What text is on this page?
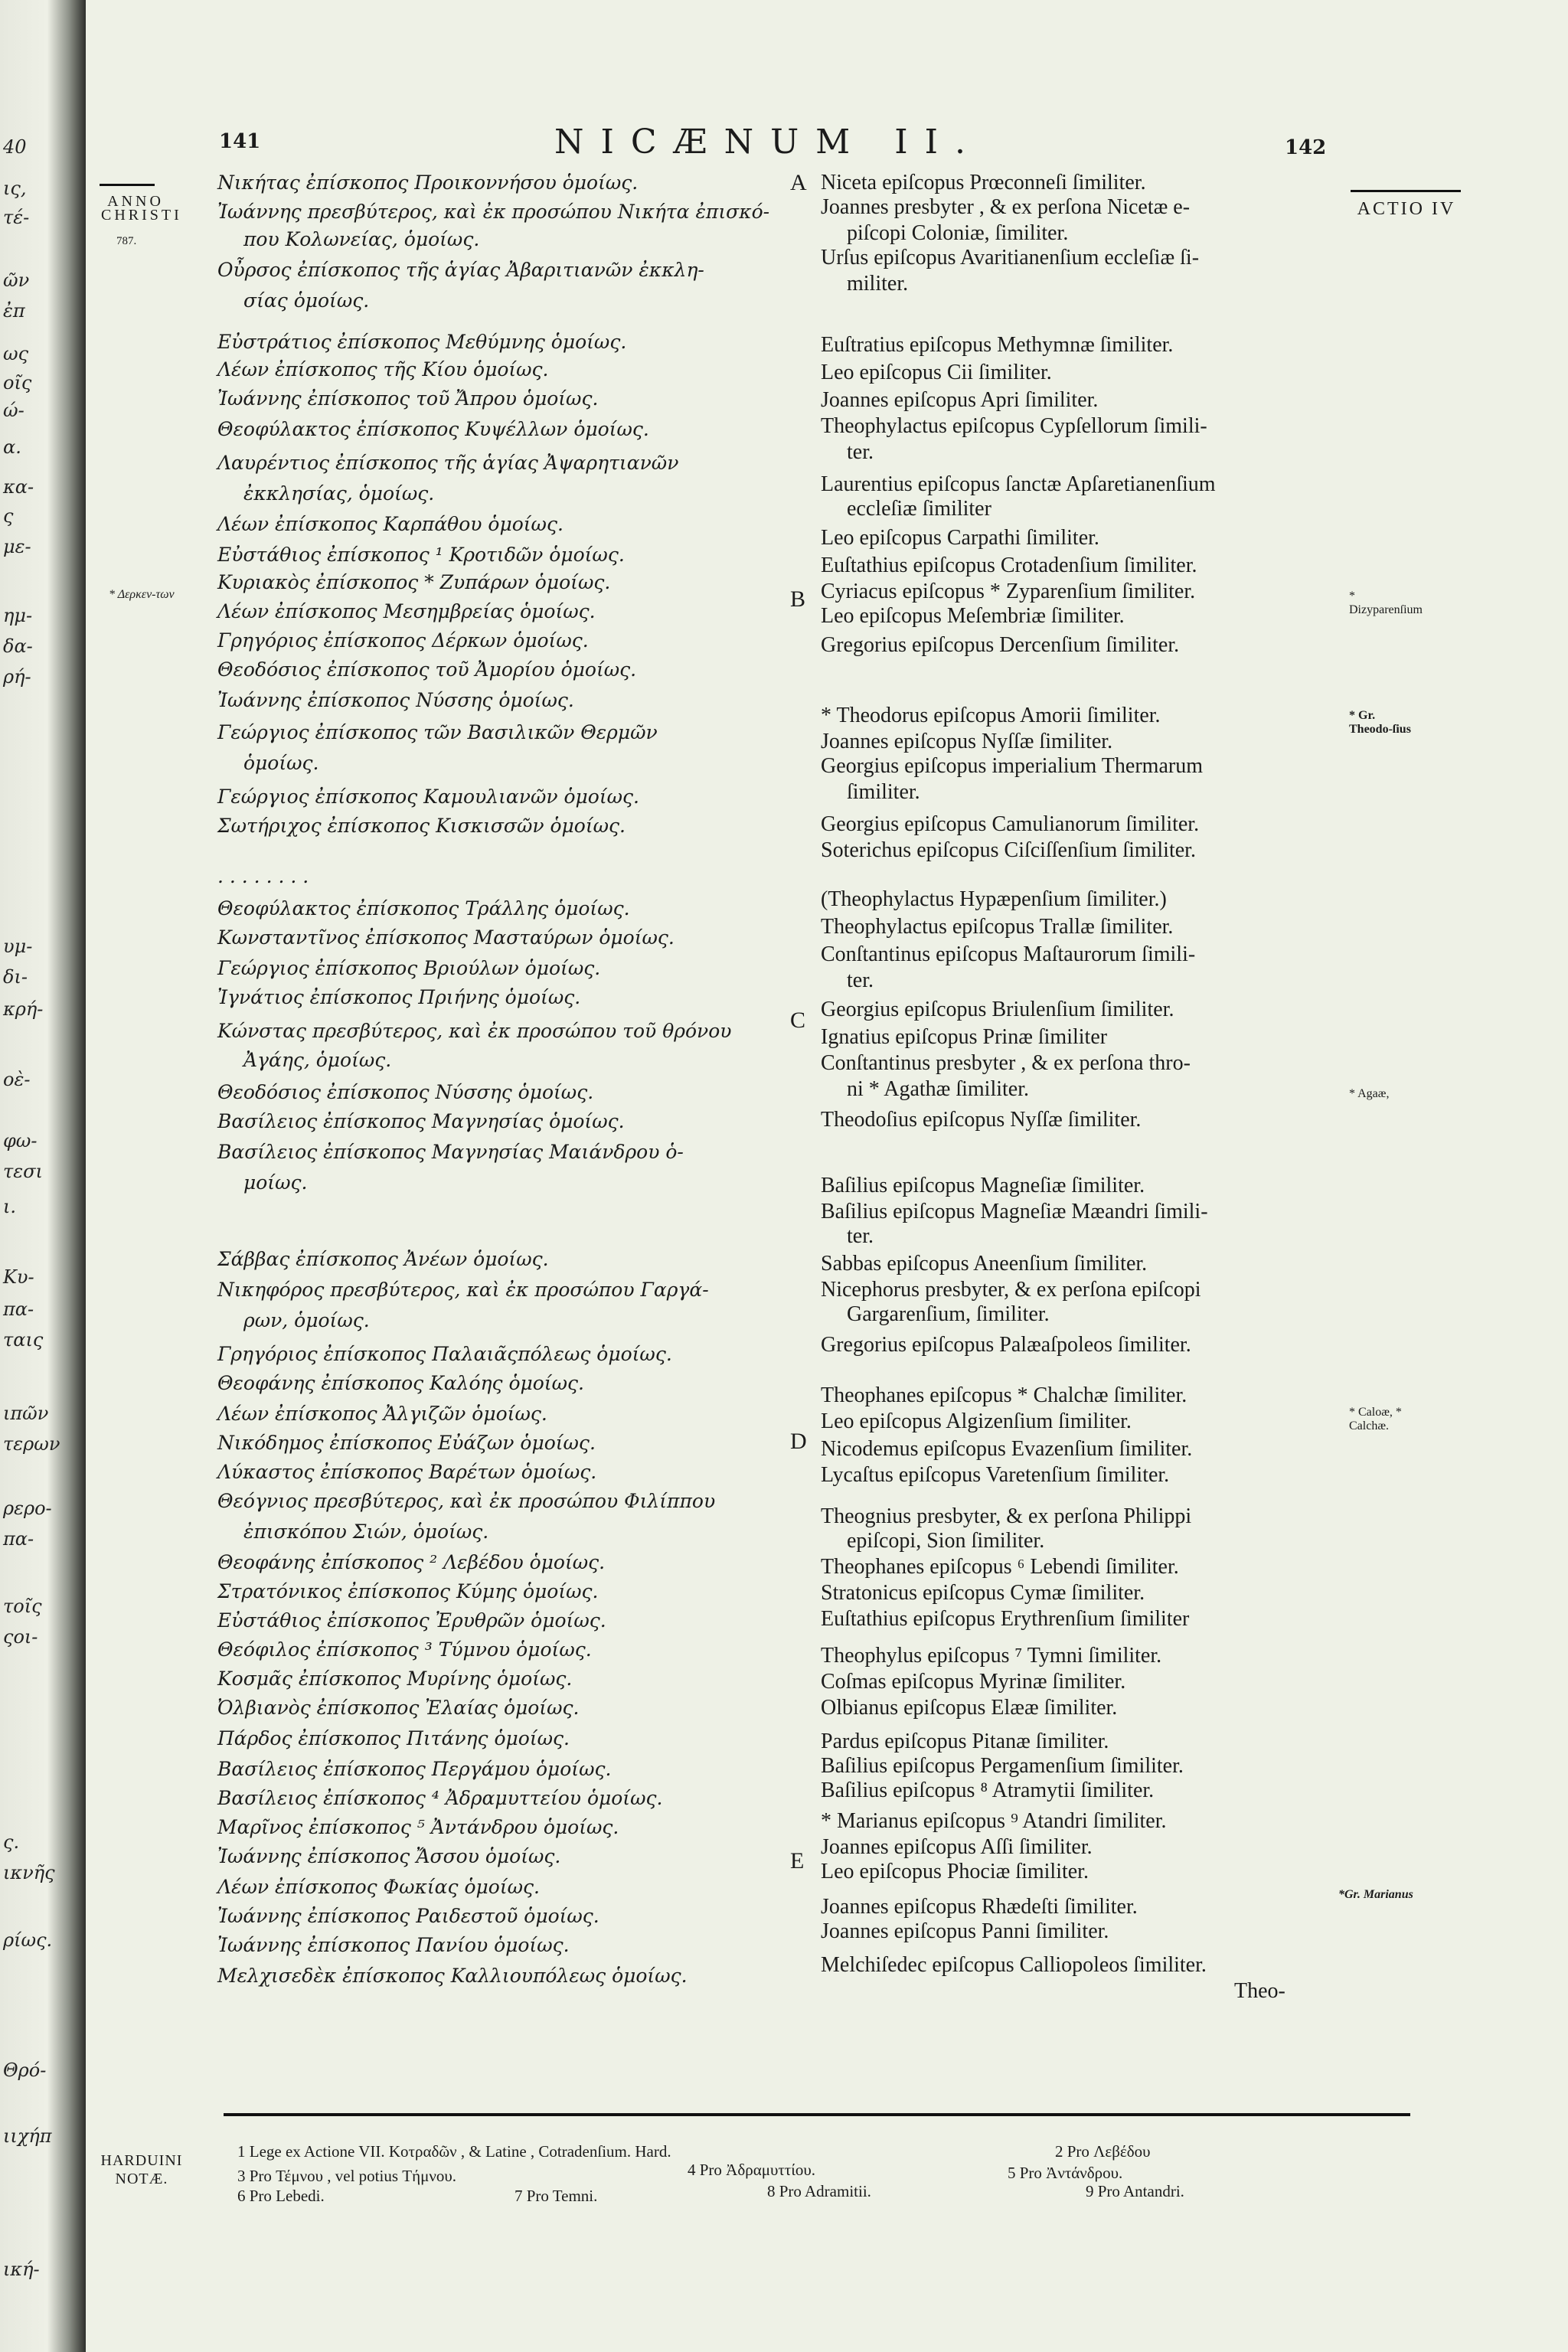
40
ις,
τέ-
ῶν
ἐπ
ως
οῖς
ώ-
α.
κα-
ς
με-
ημ-
δα-
ρή-
υμ-
δι-
κρή-
οὲ-
φω-
τεσι
ι.
Κυ-
πα-
ταις
ιπῶν
τερων
ρερο-
πα-
τοῖς
ςοι-
ς.
ικνῆς
ρίως.
Θρό-
ιιχήπ
ική-
141	NICÆNUM II.	142
ANNO CHRISTI
787.
* Δερκεν-των
ACTIO IV
* Dizyparenſium
* Gr. Theodo-ſius
* Agaæ,
* Caloæ, * Calchæ.
*Gr. Marianus
A
B
C
D
E
Νικήτας ἐπίσκοπος Προικοννήσου ὁμοίως.
Ἰωάννης πρεσβύτερος, καὶ ἐκ προσώπου Νικήτα ἐπισκό-
που Κολωνείας, ὁμοίως.
Οὖρσος ἐπίσκοπος τῆς ἁγίας Ἀβαριτιανῶν ἐκκλη-
σίας ὁμοίως.
Εὐστράτιος ἐπίσκοπος Μεθύμνης ὁμοίως.
Λέων ἐπίσκοπος τῆς Κίου ὁμοίως.
Ἰωάννης ἐπίσκοπος τοῦ Ἄπρου ὁμοίως.
Θεοφύλακτος ἐπίσκοπος Κυψέλλων ὁμοίως.
Λαυρέντιος ἐπίσκοπος τῆς ἁγίας Ἀψαρητιανῶν
ἐκκλησίας, ὁμοίως.
Λέων ἐπίσκοπος Καρπάθου ὁμοίως.
Εὐστάθιος ἐπίσκοπος ¹ Κροτιδῶν ὁμοίως.
Κυριακὸς ἐπίσκοπος * Ζυπάρων ὁμοίως.
Λέων ἐπίσκοπος Μεσημβρείας ὁμοίως.
Γρηγόριος ἐπίσκοπος Δέρκων ὁμοίως.
Θεοδόσιος ἐπίσκοπος τοῦ Ἀμορίου ὁμοίως.
Ἰωάννης ἐπίσκοπος Νύσσης ὁμοίως.
Γεώργιος ἐπίσκοπος τῶν Βασιλικῶν Θερμῶν
ὁμοίως.
Γεώργιος ἐπίσκοπος Καμουλιανῶν ὁμοίως.
Σωτήριχος ἐπίσκοπος Κισκισσῶν ὁμοίως.
. . . . . . . .
Θεοφύλακτος ἐπίσκοπος Τράλλης ὁμοίως.
Κωνσταντῖνος ἐπίσκοπος Μασταύρων ὁμοίως.
Γεώργιος ἐπίσκοπος Βριούλων ὁμοίως.
Ἰγνάτιος ἐπίσκοπος Πριήνης ὁμοίως.
Κώνστας πρεσβύτερος, καὶ ἐκ προσώπου τοῦ θρόνου
Ἀγάης, ὁμοίως.
Θεοδόσιος ἐπίσκοπος Νύσσης ὁμοίως.
Βασίλειος ἐπίσκοπος Μαγνησίας ὁμοίως.
Βασίλειος ἐπίσκοπος Μαγνησίας Μαιάνδρου ὁ-
μοίως.
Σάββας ἐπίσκοπος Ἀνέων ὁμοίως.
Νικηφόρος πρεσβύτερος, καὶ ἐκ προσώπου Γαργά-
ρων, ὁμοίως.
Γρηγόριος ἐπίσκοπος Παλαιᾶςπόλεως ὁμοίως.
Θεοφάνης ἐπίσκοπος Καλόης ὁμοίως.
Λέων ἐπίσκοπος Ἀλγιζῶν ὁμοίως.
Νικόδημος ἐπίσκοπος Εὐάζων ὁμοίως.
Λύκαστος ἐπίσκοπος Βαρέτων ὁμοίως.
Θεόγνιος πρεσβύτερος, καὶ ἐκ προσώπου Φιλίππου
ἐπισκόπου Σιών, ὁμοίως.
Θεοφάνης ἐπίσκοπος ² Λεβέδου ὁμοίως.
Στρατόνικος ἐπίσκοπος Κύμης ὁμοίως.
Εὐστάθιος ἐπίσκοπος Ἐρυθρῶν ὁμοίως.
Θεόφιλος ἐπίσκοπος ³ Τύμνου ὁμοίως.
Κοσμᾶς ἐπίσκοπος Μυρίνης ὁμοίως.
Ὀλβιανὸς ἐπίσκοπος Ἐλαίας ὁμοίως.
Πάρδος ἐπίσκοπος Πιτάνης ὁμοίως.
Βασίλειος ἐπίσκοπος Περγάμου ὁμοίως.
Βασίλειος ἐπίσκοπος ⁴ Ἀδραμυττείου ὁμοίως.
Μαρῖνος ἐπίσκοπος ⁵ Ἀντάνδρου ὁμοίως.
Ἰωάννης ἐπίσκοπος Ἄσσου ὁμοίως.
Λέων ἐπίσκοπος Φωκίας ὁμοίως.
Ἰωάννης ἐπίσκοπος Ραιδεστοῦ ὁμοίως.
Ἰωάννης ἐπίσκοπος Πανίου ὁμοίως.
Μελχισεδὲκ ἐπίσκοπος Καλλιουπόλεως ὁμοίως.
Niceta epiſcopus Prœconneſi ſimiliter.
Joannes presbyter , & ex perſona Nicetæ e-
piſcopi Coloniæ, ſimiliter.
Urſus epiſcopus Avaritianenſium eccleſiæ ſi-
militer.
Euſtratius epiſcopus Methymnæ ſimiliter.
Leo epiſcopus Cii ſimiliter.
Joannes epiſcopus Apri ſimiliter.
Theophylactus epiſcopus Cypſellorum ſimili-
ter.
Laurentius epiſcopus ſanctæ Apſaretianenſium
eccleſiæ ſimiliter
Leo epiſcopus Carpathi ſimiliter.
Euſtathius epiſcopus Crotadenſium ſimiliter.
Cyriacus epiſcopus * Zyparenſium ſimiliter.
Leo epiſcopus Meſembriæ ſimiliter.
Gregorius epiſcopus Dercenſium ſimiliter.
* Theodorus epiſcopus Amorii ſimiliter.
Joannes epiſcopus Nyſſæ ſimiliter.
Georgius epiſcopus imperialium Thermarum
ſimiliter.
Georgius epiſcopus Camulianorum ſimiliter.
Soterichus epiſcopus Ciſciſſenſium ſimiliter.
(Theophylactus Hypæpenſium ſimiliter.)
Theophylactus epiſcopus Trallæ ſimiliter.
Conſtantinus epiſcopus Maſtaurorum ſimili-
ter.
Georgius epiſcopus Briulenſium ſimiliter.
Ignatius epiſcopus Prinæ ſimiliter
Conſtantinus presbyter , & ex perſona thro-
ni * Agathæ ſimiliter.
Theodoſius epiſcopus Nyſſæ ſimiliter.
Baſilius epiſcopus Magneſiæ ſimiliter.
Baſilius epiſcopus Magneſiæ Mæandri ſimili-
ter.
Sabbas epiſcopus Aneenſium ſimiliter.
Nicephorus presbyter, & ex perſona epiſcopi
Gargarenſium, ſimiliter.
Gregorius epiſcopus Palæaſpoleos ſimiliter.
Theophanes epiſcopus * Chalchæ ſimiliter.
Leo epiſcopus Algizenſium ſimiliter.
Nicodemus epiſcopus Evazenſium ſimiliter.
Lycaſtus epiſcopus Varetenſium ſimiliter.
Theognius presbyter, & ex perſona Philippi
epiſcopi, Sion ſimiliter.
Theophanes epiſcopus ⁶ Lebendi ſimiliter.
Stratonicus epiſcopus Cymæ ſimiliter.
Euſtathius epiſcopus Erythrenſium ſimiliter
Theophylus epiſcopus ⁷ Tymni ſimiliter.
Coſmas epiſcopus Myrinæ ſimiliter.
Olbianus epiſcopus Elææ ſimiliter.
Pardus epiſcopus Pitanæ ſimiliter.
Baſilius epiſcopus Pergamenſium ſimiliter.
Baſilius epiſcopus ⁸ Atramytii ſimiliter.
* Marianus epiſcopus ⁹ Atandri ſimiliter.
Joannes epiſcopus Aſſi ſimiliter.
Leo epiſcopus Phociæ ſimiliter.
Joannes epiſcopus Rhædeſti ſimiliter.
Joannes epiſcopus Panni ſimiliter.
Melchiſedec epiſcopus Calliopoleos ſimiliter.
Theo-
HARDUINI NOTÆ.
1 Lege ex Actione VII. Κοτραδῶν , & Latine , Cotradenſium. Hard.	2 Pro Λεβέδου
3 Pro Τέμνου , vel potius Τήμνου.	4 Pro Ἀδραμυττίου.	5 Pro Ἀντάνδρου.
6 Pro Lebedi.	7 Pro Temni.	8 Pro Adramitii.	9 Pro Antandri.
